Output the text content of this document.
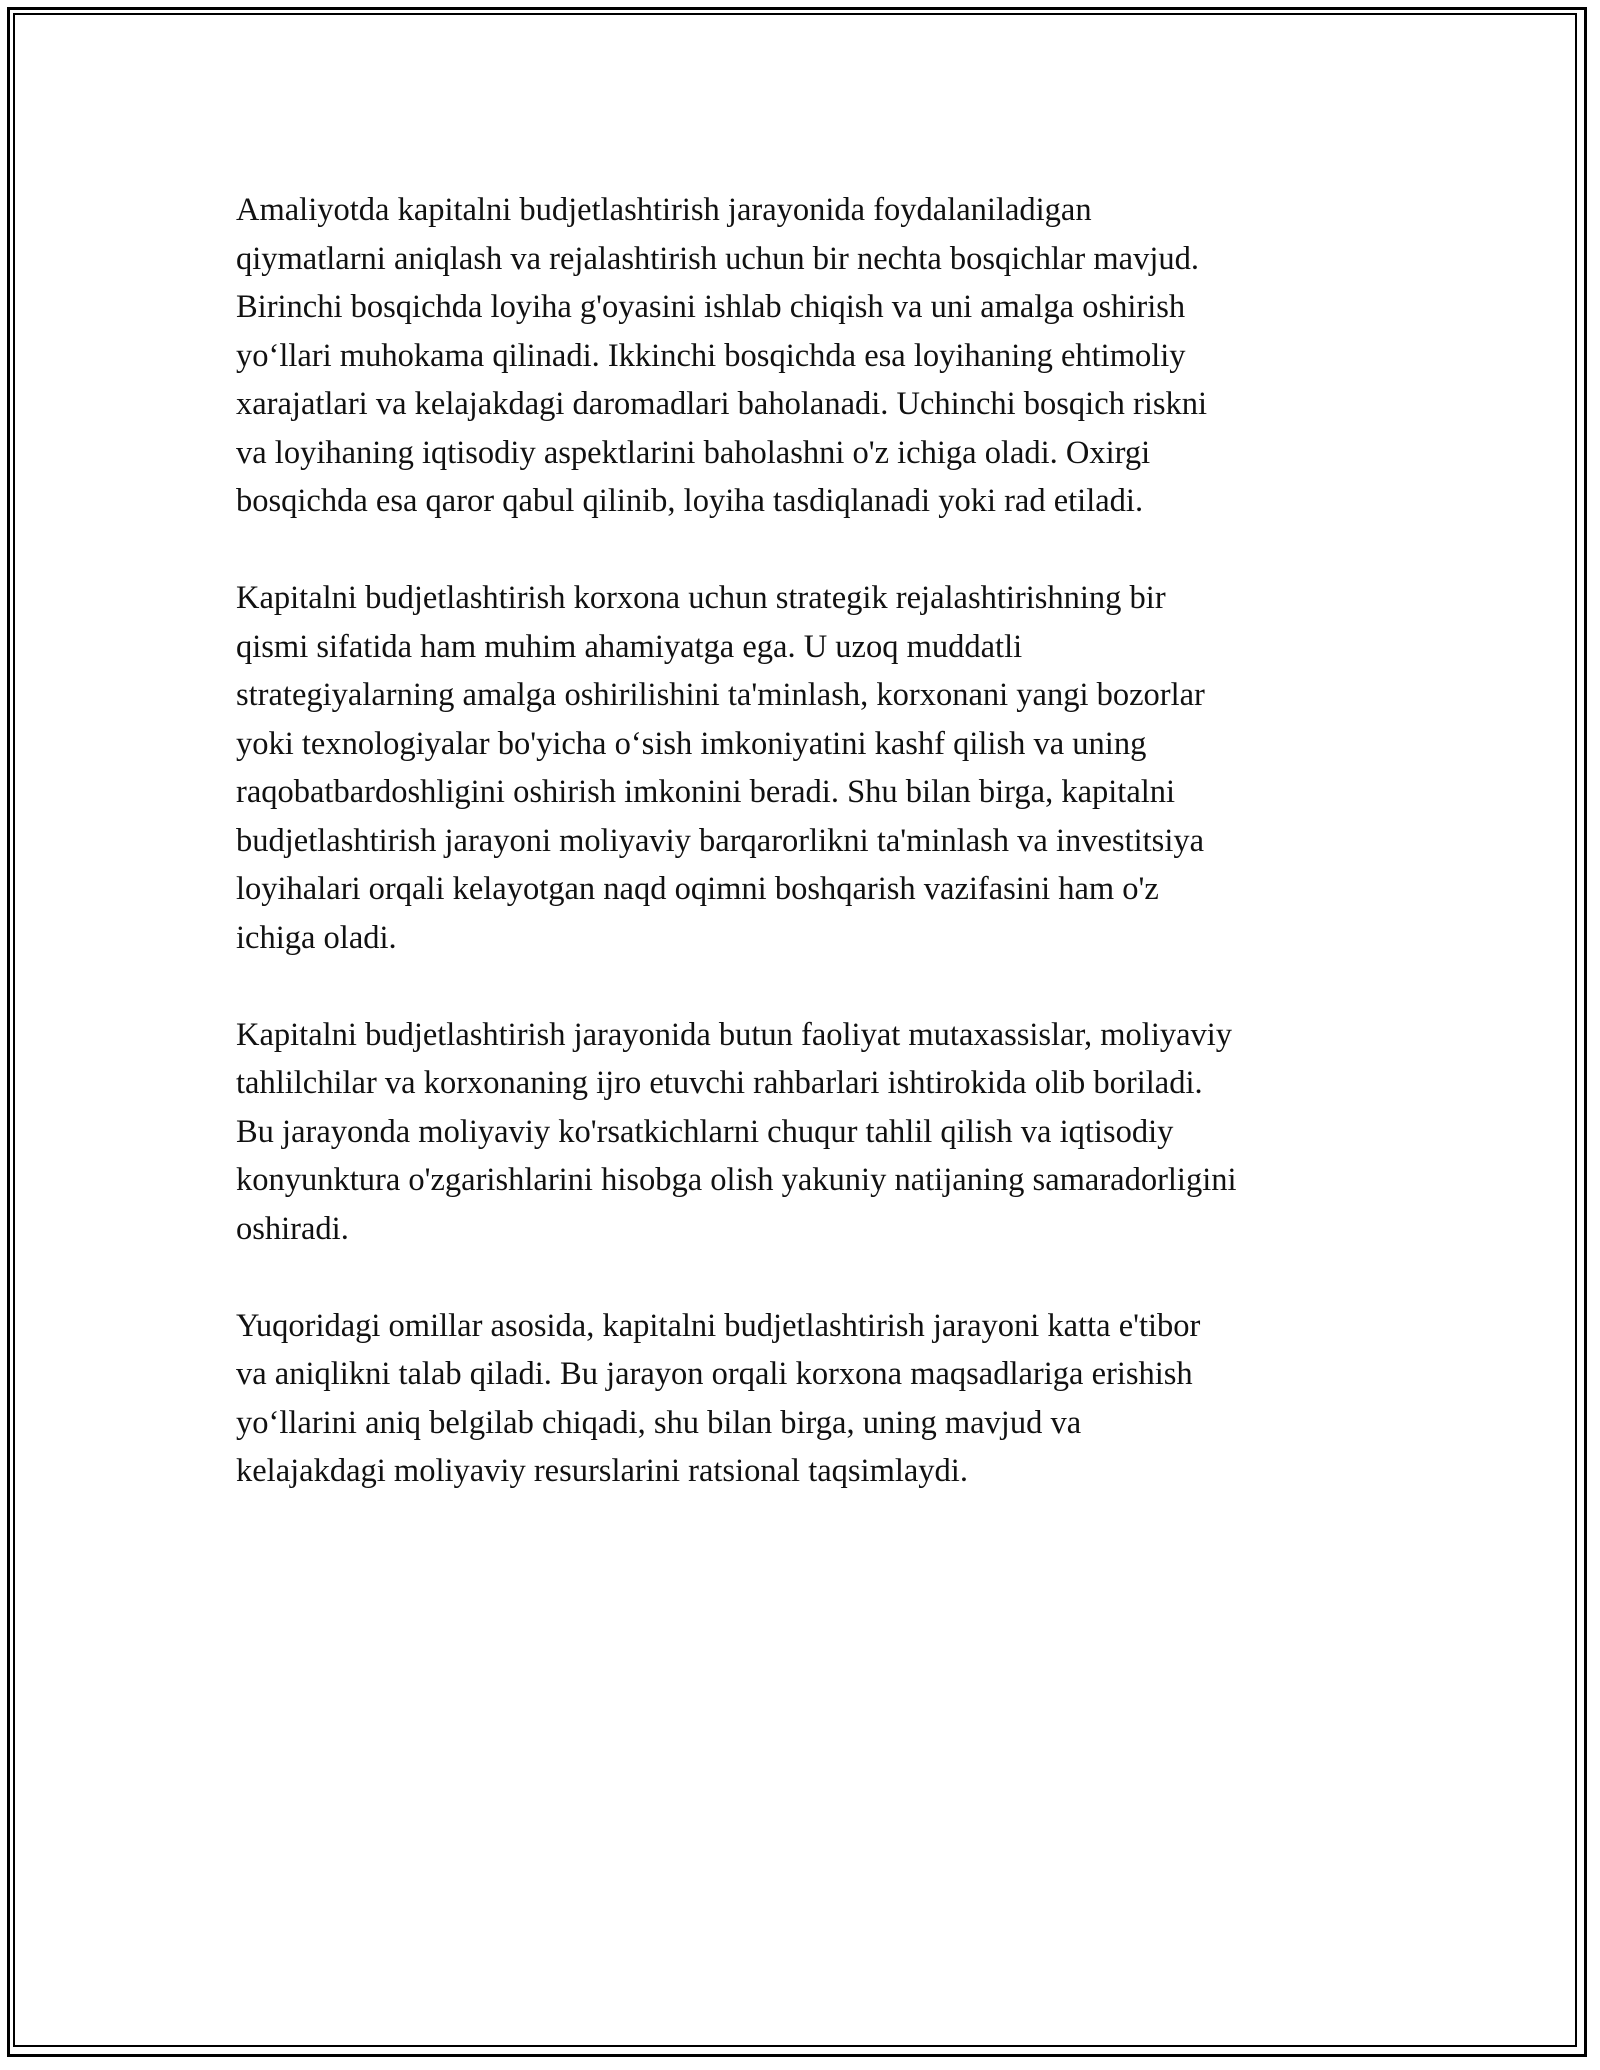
Amaliyotda kapitalni budjetlashtirish jarayonida foydalaniladigan
qiymatlarni aniqlash va rejalashtirish uchun bir nechta bosqichlar mavjud.
Birinchi bosqichda loyiha g'oyasini ishlab chiqish va uni amalga oshirish
yo‘llari muhokama qilinadi. Ikkinchi bosqichda esa loyihaning ehtimoliy
xarajatlari va kelajakdagi daromadlari baholanadi. Uchinchi bosqich riskni
va loyihaning iqtisodiy aspektlarini baholashni o'z ichiga oladi. Oxirgi
bosqichda esa qaror qabul qilinib, loyiha tasdiqlanadi yoki rad etiladi.

Kapitalni budjetlashtirish korxona uchun strategik rejalashtirishning bir
qismi sifatida ham muhim ahamiyatga ega. U uzoq muddatli
strategiyalarning amalga oshirilishini ta'minlash, korxonani yangi bozorlar
yoki texnologiyalar bo'yicha o‘sish imkoniyatini kashf qilish va uning
raqobatbardoshligini oshirish imkonini beradi. Shu bilan birga, kapitalni
budjetlashtirish jarayoni moliyaviy barqarorlikni ta'minlash va investitsiya
loyihalari orqali kelayotgan naqd oqimni boshqarish vazifasini ham o'z
ichiga oladi.

Kapitalni budjetlashtirish jarayonida butun faoliyat mutaxassislar, moliyaviy
tahlilchilar va korxonaning ijro etuvchi rahbarlari ishtirokida olib boriladi.
Bu jarayonda moliyaviy ko'rsatkichlarni chuqur tahlil qilish va iqtisodiy
konyunktura o'zgarishlarini hisobga olish yakuniy natijaning samaradorligini
oshiradi.

Yuqoridagi omillar asosida, kapitalni budjetlashtirish jarayoni katta e'tibor
va aniqlikni talab qiladi. Bu jarayon orqali korxona maqsadlariga erishish
yo‘llarini aniq belgilab chiqadi, shu bilan birga, uning mavjud va
kelajakdagi moliyaviy resurslarini ratsional taqsimlaydi.
